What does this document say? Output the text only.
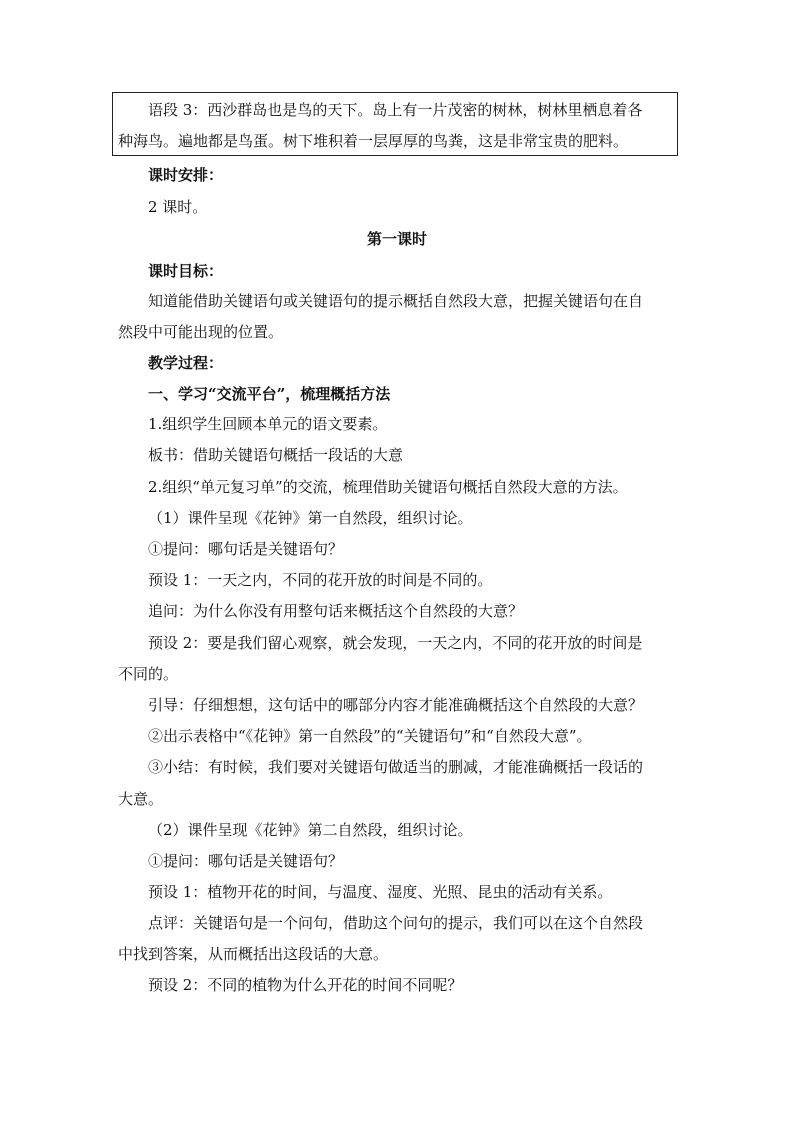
语段 3：西沙群岛也是鸟的天下。岛上有一片茂密的树林，树林里栖息着各
种海鸟。遍地都是鸟蛋。树下堆积着一层厚厚的鸟粪，这是非常宝贵的肥料。
课时安排：
2 课时。
第一课时
课时目标：
知道能借助关键语句或关键语句的提示概括自然段大意，把握关键语句在自
然段中可能出现的位置。
教学过程：
一、学习“交流平台”，梳理概括方法
1.组织学生回顾本单元的语文要素。
板书：借助关键语句概括一段话的大意
2.组织“单元复习单”的交流，梳理借助关键语句概括自然段大意的方法。
（1）课件呈现《花钟》第一自然段，组织讨论。
①提问：哪句话是关键语句？
预设 1：一天之内，不同的花开放的时间是不同的。
追问：为什么你没有用整句话来概括这个自然段的大意？
预设 2：要是我们留心观察，就会发现，一天之内，不同的花开放的时间是
不同的。
引导：仔细想想，这句话中的哪部分内容才能准确概括这个自然段的大意？
②出示表格中“《花钟》第一自然段”的“关键语句”和“自然段大意”。
③小结：有时候，我们要对关键语句做适当的删减，才能准确概括一段话的
大意。
（2）课件呈现《花钟》第二自然段，组织讨论。
①提问：哪句话是关键语句？
预设 1：植物开花的时间，与温度、湿度、光照、昆虫的活动有关系。
点评：关键语句是一个问句，借助这个问句的提示，我们可以在这个自然段
中找到答案，从而概括出这段话的大意。
预设 2：不同的植物为什么开花的时间不同呢？
